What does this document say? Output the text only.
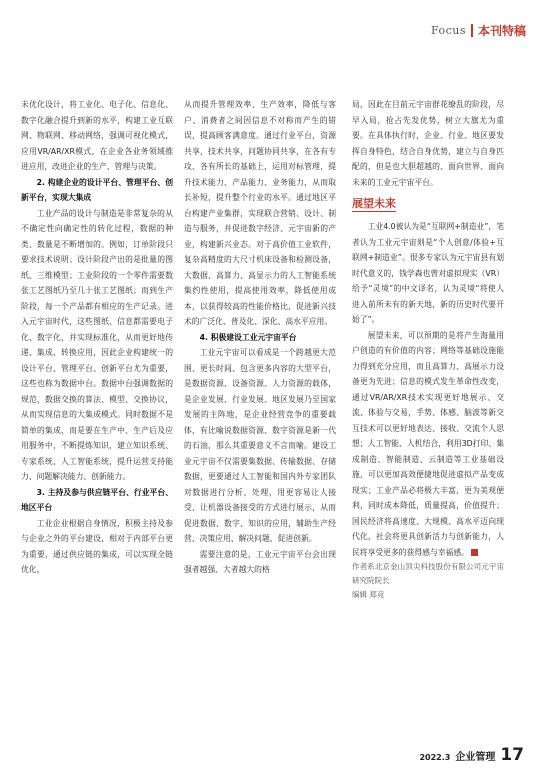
Focus 本刊特稿

未优化设计，将工业化、电子化、信息化、数字化融合提升到新的水平，构建工业互联网、物联网、移动网络，强调可视化模式，应用VR/AR/XR模式，在企业各业务领域推进应用，改进企业的生产、管理与决策。

2. 构建企业的设计平台、管理平台、创新平台，实现大集成

工业产品的设计与制造是非常复杂的从不确定性向确定性的转化过程，数据的种类、数量是不断增加的。例如，订单阶段只要求技术说明；设计阶段产出的是批量的图纸、三维模型；工业阶段的一个零件需要数张工艺图纸乃至几十张工艺图纸；而到生产阶段，每一个产品都有相应的生产记录。进入元宇宙时代，这些图纸、信息都需要电子化、数字化，并实现标准化，从而更好地传递、集成、转换应用，因此企业构建统一的设计平台、管理平台、创新平台尤为重要，这些也称为数据中台。数据中台强调数据的规范，数据交换的算法、模型、交换协议，从而实现信息的大集成模式。同时数据不是简单的集成，而是要在生产中、生产后及应用服务中，不断提炼知识，建立知识系统、专家系统、人工智能系统，提升运营支持能力、问题解决能力、创新能力。

3. 主持及参与供应链平台、行业平台、地区平台

工业企业根据自身情况，积极主持及参与企业之外的平台建设，相对于内部平台更为重要，通过供应链的集成，可以实现全链优化，

从而提升管理效率、生产效率，降低与客户、消费者之间因信息不对称而产生的错误，提高顾客满意度。通过行业平台，资源共享，技术共享，问题协同共享，在各有专攻、各有所长的基础上，运用对标管理，提升技术能力、产品能力、业务能力，从而取长补短，提升整个行业的水平。通过地区平台构建产业集群，实现联合营销、设计、制造与服务，并促进数字经济、元宇宙新的产业，构建新兴业态。对于高价值工业软件，复杂高精度的大尺寸机床设备和检测设备，大数据、高算力、高显示力的人工智能系统集约性使用，提高使用效率，降低使用成本，以获得较高的性能价格比，促进新兴技术的广泛化、普及化、深化、高水平应用。

4. 积极建设工业元宇宙平台

工业元宇宙可以看成是一个跨越更大范围、更长时间、包含更多内容的大型平台，是数据资源、设备资源、人力资源的载体，是企业发展、行业发展、地区发展乃至国家发展的主阵地，是企业经营竞争的重要载体，有比喻说数据资源、数字资源是新一代的石油，那么其重要意义不言而喻。建设工业元宇宙不仅需要集数据、传输数据、存储数据，更要通过人工智能和国内外专家团队对数据进行分析、处理，用更容易让人接受、让机器设备接受的方式进行展示，从而促进数据、数字、知识的应用，辅助生产经营、决策应用、解决问题，促进创新。

需要注意的是，工业元宇宙平台会出现强者越强、大者越大的格

局，因此在目前元宇宙群花缭乱的阶段，尽早入局，抢占先发优势，树立大旗尤为重要。在具体执行时，企业、行业、地区要发挥自身特色，结合自身优势，建立与自身匹配的，但是也大胆超越的、面向世界、面向未来的工业元宇宙平台。

展望未来

工业4.0被认为是“互联网+制造业”，笔者认为工业元宇宙则是“个人创意/体验+互联网+制造业”。很多专家认为元宇宙县有划时代意义的，钱学森也曾对虚拟现实（VR）给予“灵境”的中文译名，认为灵境“将使人进入前所未有的新天地，新的历史时代要开始了”。

展望未来，可以预期的是将产生海量用户创造的有价值的内容；网络等基础设施能力得到充分应用，而且高算力、高展示力设备更为先进；信息的模式发生革命性改变，通过VR/AR/XR技术实现更好地展示、交流、体验与交易，手势、体感、脑波等新交互技术可以更好地表达、接收、交流个人思想；人工智能、人机结合，利用3D打印、集成制造、智能制造、云制造等工业基础设施，可以更加高效便捷地促进虚拟产品变成现实；工业产品必将极大丰富，更为美观便利，同时成本降低，质量提高，价值提升；国民经济将高速度、大规模、高水平迈向现代化，社会将更具创新活力与创新能力，人民将享受更多的获得感与幸福感。

作者系北京金山顶尖科技股份有限公司元宇宙研究院院长

编辑 郑竞

2022.3 企业管理 17
